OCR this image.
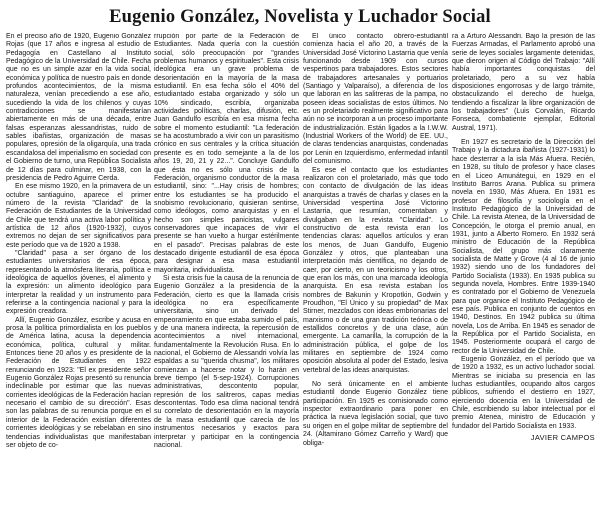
Eugenio González, Novelista y Luchador Social

En el preciso año de 1920, Eugenio González Rojas (que 17 años e ingresa al estudio de Pedagogía en Castellano al Instituto Pedagógico de la Universidad de Chile. Fecha que no es un simple azar en la vida social, económica y política de nuestro país en donde profundos acontecimientos, de la misma naturaleza, venían precediendo a ese año, sucediendo la vida de los chilenos y cuyas contradicciones se manifestarían abiertamente en más de una década, entre falsas esperanzas alessandristas, ruido de sables ibañistas, organización de masas populares, opresión de la oligarquía, una trada escandalosa del imperialismo en sociedad con el Gobierno de turno, una República Socialista de 12 días para culminar, en 1938, con la presidencia de Pedro Aguirre Cerda.

En ese mismo 1920, en la primavera de un octubre santiaguino, aparece el primer número de la revista "Claridad" de la Federación de Estudiantes de la Universidad de Chile que tendrá una activa labor política y artística de 12 años (1920-1932), cuyos extremos no dejan de ser significativos para este período que va de 1920 a 1938.

"Claridad" pasa a ser órgano de los estudiantes universitarios de esa época, representando la atmósfera literaria, política e ideológica de aquellos jóvenes, el alimento y la expresión: un alimento ideológico para interpretar la realidad y un instrumento para referirse a la contingencia nacional y para la expresión creadora.

Allí, Eugenio González, escribe y acusa en prosa la política primordialista en los pueblos de América latina, acusa la dependencia económica, política, cultural y militar. Entonces tiene 20 años y es presidente de la Federación de Estudiantes en 1922 renunciando en 1923: "El ex presidente señor Eugenio González Rojas presentó su renuncia indeclinable por estimar que las nuevas corrientes ideológicas de la Federación hacían necesario el cambio de su dirección". Esas son las palabras de su renuncia porque en el interior de la Federación existían diferentes corrientes ideológicas y se rebelaban en sino tendencias individualistas que manifestaban ser objeto de co-

rrupción por parte de la Federación de Estudiantes. Nada quería con la cuestión social, sólo preocupación por "grandes problemas humanos y espirituales". Esta crisis ideológica era un grave problema de desorientación en la mayoría de la masa estudiantil. En esa fecha sólo el 40% del estudiantado estaba organizado y sólo un 10% sindicado, escribía, organizaba actividades políticas, charlas, difusión, etc. Juan Gandulfo escribía en esa misma fecha sobre el momento estudiantil: "La federación se ha acostumbrado a vivir con un parasitismo crónico en sus centrales y la crítica situación presente es en todo semejante a la de los años 19, 20, 21 y 22...". Concluye Gandulfo que ésta no es sólo una crisis de la Federación, organismo conductor de la masa estudiantil, sino: "...Hay crisis de hombres; entre los estudiantes se ha producido el snobismo revolucionario, quisieran sentirse, como ideólogos, como anarquistas y en el hecho son simples panicistas, vulgares conservadores que incapaces de vivir el presente se han vuelto a hurgar estérilmente en el pasado". Precisas palabras de este destacado dirigente estudiantil de esa época para designar a esa masa estudiantil mayoritaria, individualista.

Si esta crisis fue la causa de la renuncia de Eugenio González a la presidencia de la Federación, cierto es que la llamada crisis ideológica no era específicamente universitaria, sino un derivado del empeoramiento en que estaba sumido el país, y de una manera indirecta, la repercusión de acontecimientos a nivel internacional, fundamentalmente la Revolución Rusa. En lo nacional, el Gobierno de Alessandri volvía las espaldas a su "querida chusma", los militares comienzan a hacerse notar y lo harán en breve tiempo (el 5-sep-1924). Corrupciones administrativas, descontento popular, represión de los salitreros, capas medias descontentas. Todo esa clima nacional tendrá su correlato de desorientación en la mayoría de la masa estudiantil que carecía de los instrumentos necesarios y exactos para interpretar y participar en la contingencia nacional.

El único contacto obrero-estudiantil comienza hacia el año 20, a través de la Universidad José Victorino Lastarria que venía funcionando desde 1909 con cursos vespertinos para trabajadores. Estos sectores de trabajadores artesanales y portuarios (Santiago y Valparaíso), a diferencia de los que laboran en las salitreras de la pampa, no poseen ideas socialistas de estos últimos. No es un proletariado realmente significativo para aún no se incorporan a un proceso importante de industrialización. Están ligados a la I.W.W. (Industrial Workers of the World) de EE. UU., de claras tendencias anarquistas, condenadas por Lenin en Izquierdismo, enfermedad infantil del comunismo.

Es ese el contacto que los estudiantes realizaron con el proletariado, más que todo con contacto de divulgación de las ideas anarquistas a través de charlas y clases en la Universidad vespertina José Victorino Lastarria, que resumían, comentaban y divulgaban en la revista "Claridad". Lo constructivo de esta revista eran los tendencias claras: aquellos artículos y eran los menos, de Juan Gandulfo, Eugenio González y otros, que planteaban una interpretación más científica, no dejando de caer, por cierto, en un teoricismo y los otros, que eran los más, con una marcada ideología anarquista. En esa revista estaban los nombres de Bakunin y Kropotkin, Godwin y Proudhon, "El Único y su propiedad" de Max Stirner, mezclados con ideas embrionarias del marxismo o de una gran tradición teórica o de estallidos concretos y de una clase, aún emergente. La camarilla, la corrupción de la administración pública, el golpe de los militares en septiembre de 1924 como oposición absoluta al poder del Estado, lesiva vertebral de las ideas anarquistas.

No será únicamente en el ambiente estudiantil donde Eugenio González tiene participación. En 1925 es comisionado como inspector extraordinario para poner en práctica la nueva legislación social, que tuvo su origen en el golpe militar de septiembre del 24. (Altamirano Gómez Carreño y Ward) que obliga-

ra a Arturo Alessandri. Bajo la presión de las Fuerzas Armadas, el Parlamento aprobó una serie de leyes sociales largamente detenidas, que dieron origen al Código del Trabajo: "Allí había importantes conquistas del proletariado, pero a su vez había disposiciones engorrosas y de largo trámite, obstaculizando el derecho de huelga, tendiendo a fiscalizar la libre organización de los trabajadores" (Luis Corvalán, Ricardo Fonseca, combatiente ejemplar, Editorial Austral, 1971).

En 1927 es secretario de la Dirección del Trabajo y la dictadura ibañista (1927-1931) lo hace desterrar a la isla Más Afuera. Recién, en 1928, su título de profesor y hace clases en el Liceo Amunátegui, en 1929 en el Instituto Barros Arana. Publica su primera novela en 1930, Más Afuera. En 1931 es profesor de filosofía y sociología en el Instituto Pedagógico de la Universidad de Chile. La revista Atenea, de la Universidad de Concepción, le otorga el premio anual, en 1931, junto a Alberto Romero. En 1932 será ministro de Educación de la República Socialista, del grupo más claramente socialista de Matte y Grove (4 al 16 de junio 1932) siendo uno de los fundadores del Partido Socialista (1933). En 1935 publica su segunda novela, Hombres. Entre 1939-1940 es contratado por el Gobierno de Venezuela para que organice el Instituto Pedagógico de ese país. Publica en conjunto de cuentos en 1940, Destinos. En 1942 publica su última novela, Los de Arriba. En 1945 es senador de la República por el Partido Socialista, en 1945. Posteriormente ocupará el cargo de rector de la Universidad de Chile.

Eugenio González, en el período que va de 1920 a 1932, es un activo luchador social. Mientras se iniciaba su presencia en las luchas estudiantiles, ocupando altos cargos públicos, sufriendo el destierro en 1927, ejerciendo docencia en la Universidad de Chile, escribiendo su labor intelectual por el premio Atenea, ministro de Educación y fundador del Partido Socialista en 1933.

JAVIER CAMPOS
